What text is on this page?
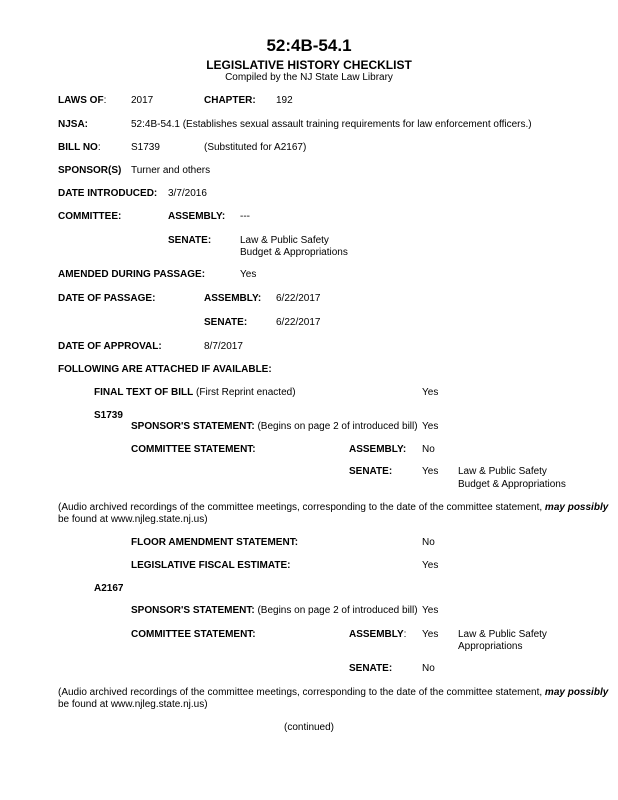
52:4B-54.1
LEGISLATIVE HISTORY CHECKLIST
Compiled by the NJ State Law Library
LAWS OF: 2017	CHAPTER: 192
NJSA:	52:4B-54.1 (Establishes sexual assault training requirements for law enforcement officers.)
BILL NO:	S1739	(Substituted for A2167)
SPONSOR(S) Turner and others
DATE INTRODUCED: 3/7/2016
COMMITTEE:	ASSEMBLY: ---
SENATE:	Law & Public Safety
Budget & Appropriations
AMENDED DURING PASSAGE:	Yes
DATE OF PASSAGE:	ASSEMBLY: 6/22/2017
SENATE:	6/22/2017
DATE OF APPROVAL:	8/7/2017
FOLLOWING ARE ATTACHED IF AVAILABLE:
FINAL TEXT OF BILL (First Reprint enacted)	Yes
S1739
SPONSOR'S STATEMENT: (Begins on page 2 of introduced bill) Yes
COMMITTEE STATEMENT:	ASSEMBLY: No
SENATE:	Yes Law & Public Safety
Budget & Appropriations
(Audio archived recordings of the committee meetings, corresponding to the date of the committee statement, may possibly
be found at www.njleg.state.nj.us)
FLOOR AMENDMENT STATEMENT:	No
LEGISLATIVE FISCAL ESTIMATE:	Yes
A2167
SPONSOR'S STATEMENT: (Begins on page 2 of introduced bill) Yes
COMMITTEE STATEMENT:	ASSEMBLY: Yes Law & Public Safety
Appropriations
SENATE:	No
(Audio archived recordings of the committee meetings, corresponding to the date of the committee statement, may possibly
be found at www.njleg.state.nj.us)
(continued)
